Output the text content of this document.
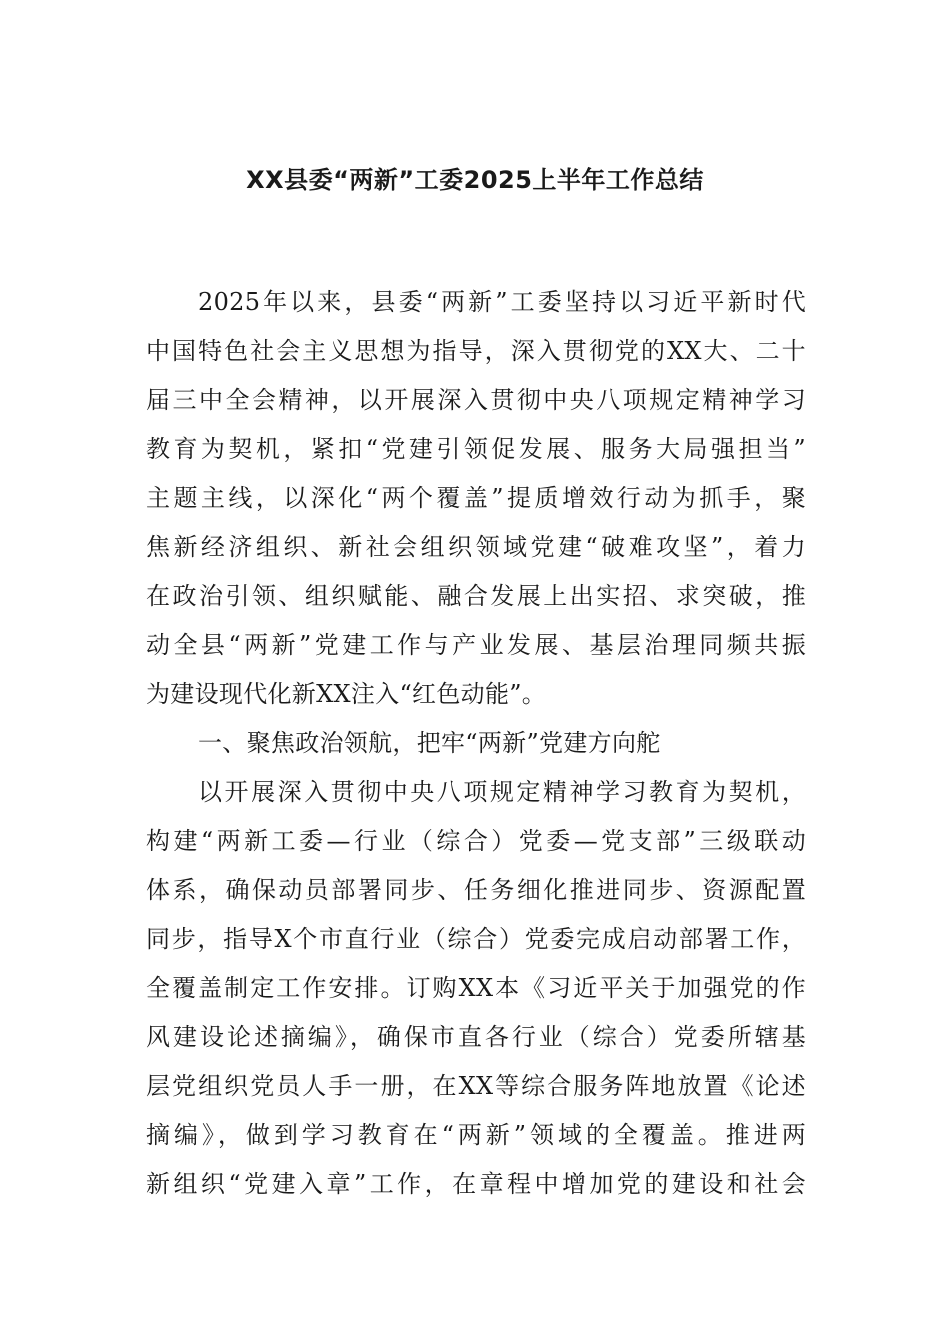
XX县委“两新”工委2025上半年工作总结
2025年以来，县委“两新”工委坚持以习近平新时代
中国特色社会主义思想为指导，深入贯彻党的XX大、二十
届三中全会精神，以开展深入贯彻中央八项规定精神学习
教育为契机，紧扣“党建引领促发展、服务大局强担当”
主题主线，以深化“两个覆盖”提质增效行动为抓手，聚
焦新经济组织、新社会组织领域党建“破难攻坚”，着力
在政治引领、组织赋能、融合发展上出实招、求突破，推
动全县“两新”党建工作与产业发展、基层治理同频共振
为建设现代化新XX注入“红色动能”。
一、聚焦政治领航，把牢“两新”党建方向舵
以开展深入贯彻中央八项规定精神学习教育为契机，
构建“两新工委—行业（综合）党委—党支部”三级联动
体系，确保动员部署同步、任务细化推进同步、资源配置
同步，指导X个市直行业（综合）党委完成启动部署工作，
全覆盖制定工作安排。订购XX本《习近平关于加强党的作
风建设论述摘编》，确保市直各行业（综合）党委所辖基
层党组织党员人手一册，在XX等综合服务阵地放置《论述
摘编》，做到学习教育在“两新”领域的全覆盖。推进两
新组织“党建入章”工作，在章程中增加党的建设和社会
